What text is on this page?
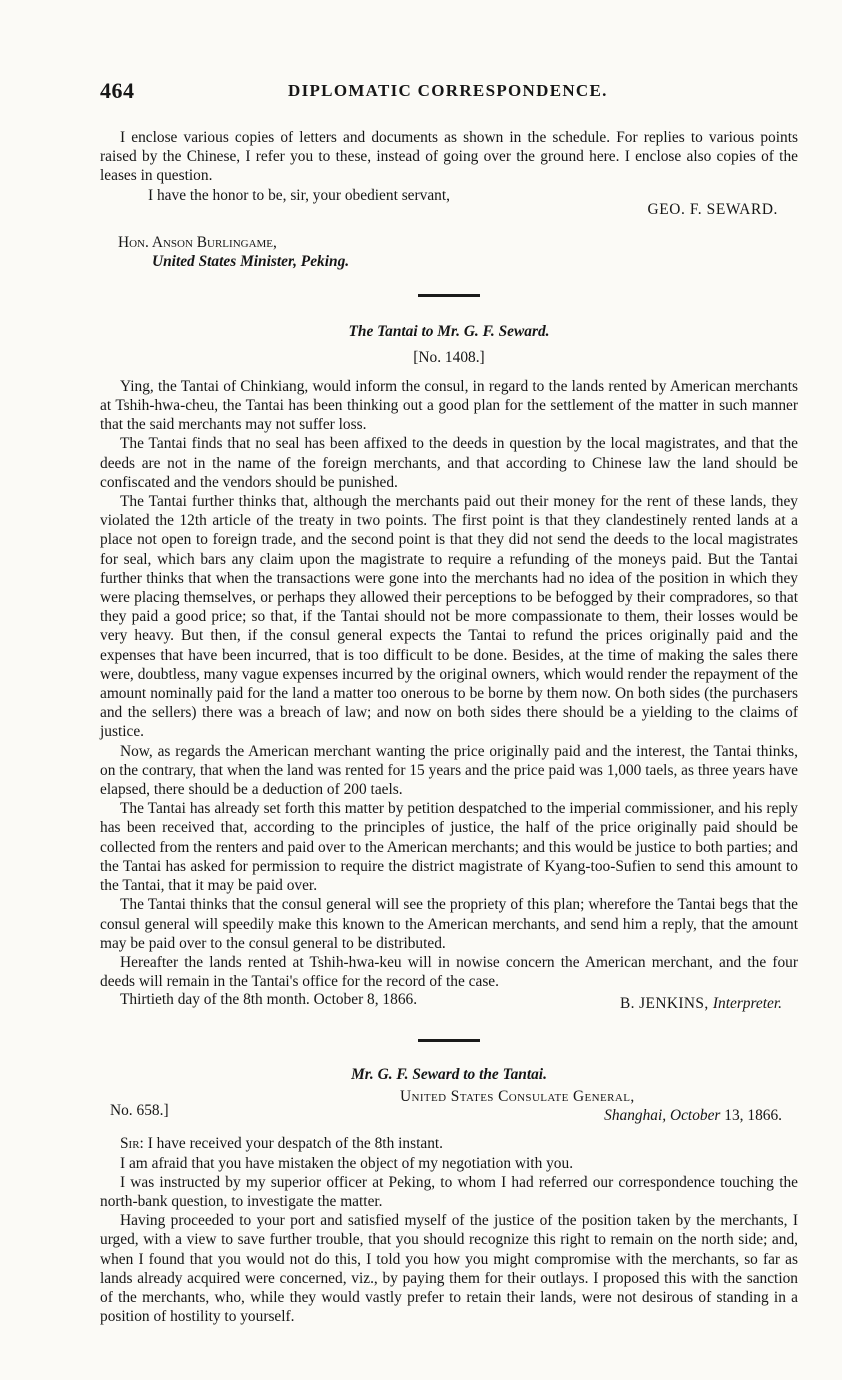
464	DIPLOMATIC CORRESPONDENCE.

I enclose various copies of letters and documents as shown in the schedule. For replies to various points raised by the Chinese, I refer you to these, instead of going over the ground here. I enclose also copies of the leases in question.

I have the honor to be, sir, your obedient servant,

GEO. F. SEWARD.
Hon. Anson Burlingame,
United States Minister, Peking.
The Tantai to Mr. G. F. Seward.
[No. 1408.]

Ying, the Tantai of Chinkiang, would inform the consul, in regard to the lands rented by American merchants at Tshih-hwa-cheu, the Tantai has been thinking out a good plan for the settlement of the matter in such manner that the said merchants may not suffer loss.

The Tantai finds that no seal has been affixed to the deeds in question by the local magistrates, and that the deeds are not in the name of the foreign merchants, and that according to Chinese law the land should be confiscated and the vendors should be punished.

The Tantai further thinks that, although the merchants paid out their money for the rent of these lands, they violated the 12th article of the treaty in two points. The first point is that they clandestinely rented lands at a place not open to foreign trade, and the second point is that they did not send the deeds to the local magistrates for seal, which bars any claim upon the magistrate to require a refunding of the moneys paid. But the Tantai further thinks that when the transactions were gone into the merchants had no idea of the position in which they were placing themselves, or perhaps they allowed their perceptions to be befogged by their compradores, so that they paid a good price; so that, if the Tantai should not be more compassionate to them, their losses would be very heavy. But then, if the consul general expects the Tantai to refund the prices originally paid and the expenses that have been incurred, that is too difficult to be done. Besides, at the time of making the sales there were, doubtless, many vague expenses incurred by the original owners, which would render the repayment of the amount nominally paid for the land a matter too onerous to be borne by them now. On both sides (the purchasers and the sellers) there was a breach of law; and now on both sides there should be a yielding to the claims of justice.

Now, as regards the American merchant wanting the price originally paid and the interest, the Tantai thinks, on the contrary, that when the land was rented for 15 years and the price paid was 1,000 taels, as three years have elapsed, there should be a deduction of 200 taels.

The Tantai has already set forth this matter by petition despatched to the imperial commissioner, and his reply has been received that, according to the principles of justice, the half of the price originally paid should be collected from the renters and paid over to the American merchants; and this would be justice to both parties; and the Tantai has asked for permission to require the district magistrate of Kyang-too-Sufien to send this amount to the Tantai, that it may be paid over.

The Tantai thinks that the consul general will see the propriety of this plan; wherefore the Tantai begs that the consul general will speedily make this known to the American merchants, and send him a reply, that the amount may be paid over to the consul general to be distributed.

Hereafter the lands rented at Tshih-hwa-keu will in nowise concern the American merchant, and the four deeds will remain in the Tantai's office for the record of the case.

Thirtieth day of the 8th month. October 8, 1866.	B. JENKINS, Interpreter.
Mr. G. F. Seward to the Tantai.
No. 658.]
United States Consulate General,
Shanghai, October 13, 1866.

Sir: I have received your despatch of the 8th instant.

I am afraid that you have mistaken the object of my negotiation with you.

I was instructed by my superior officer at Peking, to whom I had referred our correspondence touching the north-bank question, to investigate the matter.

Having proceeded to your port and satisfied myself of the justice of the position taken by the merchants, I urged, with a view to save further trouble, that you should recognize this right to remain on the north side; and, when I found that you would not do this, I told you how you might compromise with the merchants, so far as lands already acquired were concerned, viz., by paying them for their outlays. I proposed this with the sanction of the merchants, who, while they would vastly prefer to retain their lands, were not desirous of standing in a position of hostility to yourself.
